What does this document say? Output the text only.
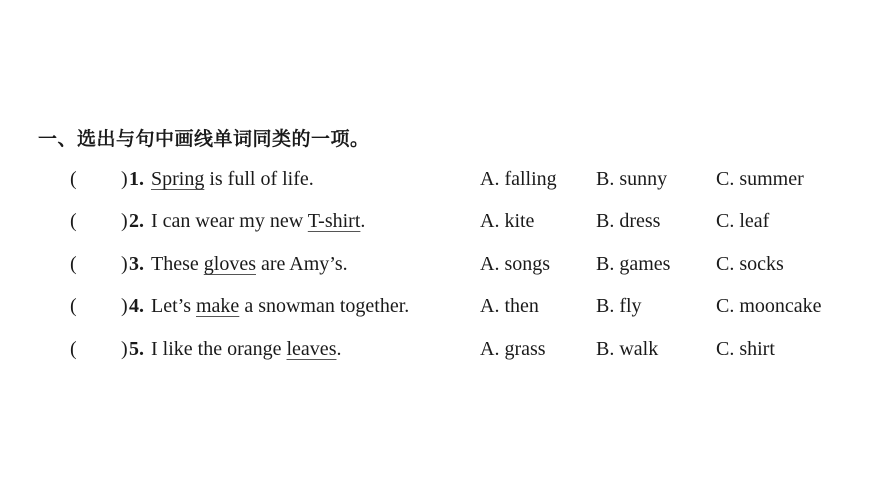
一、选出与句中画线单词同类的一项。
( ) 1. Spring is full of life.	A. falling B. sunny C. summer
( ) 2. I can wear my new T-shirt.	A. kite	B. dress	C. leaf
( ) 3. These gloves are Amy’s.	A. songs B. games C. socks
( ) 4. Let’s make a snowman together.	A. then	B. fly	C. mooncake
( ) 5. I like the orange leaves.	A. grass	B. walk	C. shirt
